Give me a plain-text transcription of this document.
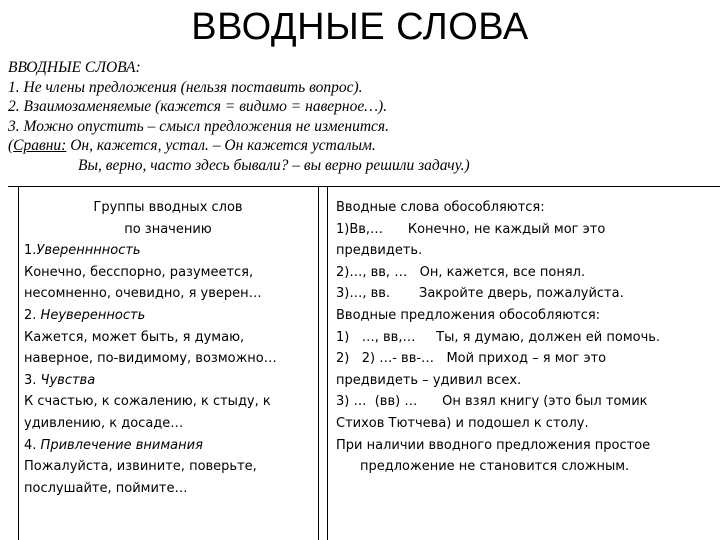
ВВОДНЫЕ СЛОВА
ВВОДНЫЕ СЛОВА:
1. Не члены предложения (нельзя поставить вопрос).
2. Взаимозаменяемые (кажется = видимо = наверное…).
3. Можно опустить – смысл предложения не изменится.
(Сравни: Он, кажется, устал. – Он кажется усталым.
Вы, верно, часто здесь бывали? – вы верно решили задачу.)
Группы вводных слов
по значению
1.Уверенннность
Конечно, бесспорно, разумеется,
несомненно, очевидно, я уверен…
2. Неуверенность
Кажется, может быть, я думаю,
наверное, по-видимому, возможно…
3. Чувства
К счастью, к сожалению, к стыду, к
удивлению, к досаде…
4. Привлечение внимания
Пожалуйста, извините, поверьте,
послушайте, поймите…
Вводные слова обособляются:
1)Вв,…      Конечно, не каждый мог это
предвидеть.
2)…, вв, …   Он, кажется, все понял.
3)…, вв.       Закройте дверь, пожалуйста.
Вводные предложения обособляются:
1)   …, вв,…     Ты, я думаю, должен ей помочь.
2)   2) …- вв-…   Мой приход – я мог это
предвидеть – удивил всех.
3) …  (вв) …      Он взял книгу (это был томик
Стихов Тютчева) и подошел к столу.
При наличии вводного предложения простое
предложение не становится сложным.
